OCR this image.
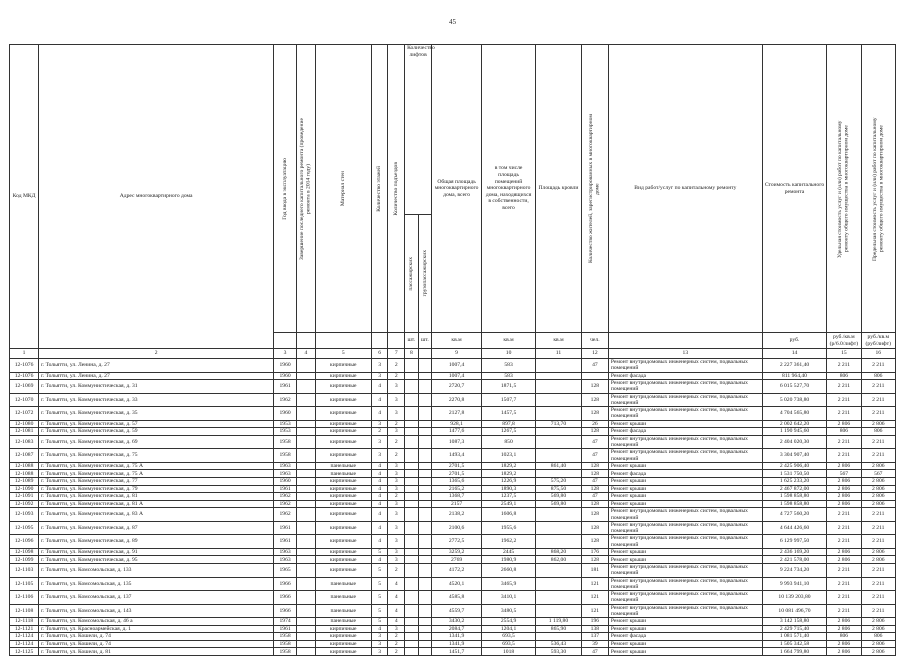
45
Код МКД	Адрес многоквартирного дома	Год ввода в эксплуатацию	Завершение последнего капитального ремонта (проведение ремонта в 2014 году)	Материал стен	Количество этажей	Количество подъездов	Количество лифтов		Общая площадь многоквартирного дома, всего	в том числе площадь помещений многоквартирного дома, находящихся в собственности, всего	Площадь кровли	Количество жителей, зарегистрированных в многоквартирном доме	Вид работ/услуг по капитальному ремонту	Стоимость капитального ремонта	Удельная стоимость услуг и (или) работ по капитальному ремонту общего имущества в многоквартирном доме	Предельная стоимость услуг и (или) работ по капитальному ремонту общего имущества в многоквартирном доме

							пассажирских	грузопассажирских								

							шт.	шт.	кв.м	кв.м	кв.м	чел.		руб.	руб./кв.м (р/6.0/лифт)	руб./кв.м (руб/лифт)

1	2	3	4	5	6	7	8		9	10	11	12	13	14	15	16
12-1076	г. Тольятти, ул. Ленина, д. 27	1960		кирпичные	3	2			1007,4	583		47	Ремонт внутридомовых инженерных систем, подвальных помещений	2 227 361,40	2 211	2 211
12-1076	г. Тольятти, ул. Ленина, д. 27	1960		кирпичные	3	2			1007,4	583			Ремонт фасада	811 964,40	806	806
12-1069	г. Тольятти, ул. Коммунистическая, д. 31	1961		кирпичные	4	3			2720,7	1871,5		128	Ремонт внутридомовых инженерных систем, подвальных помещений	6 015 527,70	2 211	2 211
12-1070	г. Тольятти, ул. Коммунистическая, д. 33	1962		кирпичные	4	3			2270,8	1507,7		128	Ремонт внутридомовых инженерных систем, подвальных помещений	5 020 738,80	2 211	2 211
12-1072	г. Тольятти, ул. Коммунистическая, д. 35	1960		кирпичные	4	3			2127,8	1457,5		128	Ремонт внутридомовых инженерных систем, подвальных помещений	4 704 565,80	2 211	2 211
12-1080	г. Тольятти, ул. Коммунистическая, д. 57	1953		кирпичные	3	2			928,1	897,8	713,70	26	Ремонт крыши	2 002 642,20	2 806	2 806
12-1081	г. Тольятти, ул. Коммунистическая, д. 59	1953		кирпичные	2	3			1477,6	1267,5		128	Ремонт фасада	1 190 945,60	806	806
12-1083	г. Тольятти, ул. Коммунистическая, д. 69	1958		кирпичные	3	2			1087,3	850		47	Ремонт внутридомовых инженерных систем, подвальных помещений	2 404 020,30	2 211	2 211
12-1087	г. Тольятти, ул. Коммунистическая, д. 75	1958		кирпичные	3	2			1493,4	1023,1		47	Ремонт внутридомовых инженерных систем, подвальных помещений	3 304 907,40	2 211	2 211
12-1088	г. Тольятти, ул. Коммунистическая, д. 75 А	1963		панельные	4	3			2701,5	1829,2	861,40	128	Ремонт крыши	2 425 906,40	2 806	2 806
12-1088	г. Тольятти, ул. Коммунистическая, д. 75 А	1963		панельные	4	3			2701,5	1829,2		128	Ремонт фасада	1 531 750,50	567	567
12-1089	г. Тольятти, ул. Коммунистическая, д. 77	1960		кирпичные	4	3			1365,6	1226,9	575,20	47	Ремонт крыши	1 625 233,20	2 806	2 806
12-1090	г. Тольятти, ул. Коммунистическая, д. 79	1961		кирпичные	4	3			2165,2	1890,3	875,50	128	Ремонт крыши	2 467 872,00	2 806	2 806
12-1091	г. Тольятти, ул. Коммунистическая, д. 81	1962		кирпичные	4	2			1368,7	1237,5	569,80	47	Ремонт крыши	1 598 858,80	2 806	2 806
12-1092	г. Тольятти, ул. Коммунистическая, д. 81 А	1962		кирпичные	4	3			2157	2549,1	569,80	128	Ремонт крыши	1 598 858,80	2 806	2 806
12-1093	г. Тольятти, ул. Коммунистическая, д. 83 А	1962		кирпичные	4	3			2138,2	1606,8		128	Ремонт внутридомовых инженерных систем, подвальных помещений	4 727 560,20	2 211	2 211
12-1095	г. Тольятти, ул. Коммунистическая, д. 87	1961		кирпичные	4	3			2100,6	1955,6		128	Ремонт внутридомовых инженерных систем, подвальных помещений	4 644 426,60	2 211	2 211
12-1096	г. Тольятти, ул. Коммунистическая, д. 89	1961		кирпичные	4	3			2772,5	1962,2		128	Ремонт внутридомовых инженерных систем, подвальных помещений	6 129 997,50	2 211	2 211
12-1098	г. Тольятти, ул. Коммунистическая, д. 91	1963		кирпичные	5	3			3259,2	2445	868,20	176	Ремонт крыши	2 436 169,20	2 806	2 806
12-1099	г. Тольятти, ул. Коммунистическая, д. 95	1963		кирпичные	4	3			2769	1980,9	862,00	128	Ремонт крыши	2 421 578,00	2 806	2 806
12-1103	г. Тольятти, ул. Комсомольская, д. 133	1965		кирпичные	5	2			4172,2	2660,8		181	Ремонт внутридомовых инженерных систем, подвальных помещений	9 224 734,20	2 211	2 211
12-1105	г. Тольятти, ул. Комсомольская, д. 135	1966		панельные	5	4			4520,1	3465,9		121	Ремонт внутридомовых инженерных систем, подвальных помещений	9 993 941,10	2 211	2 211
12-1106	г. Тольятти, ул. Комсомольская, д. 137	1966		панельные	5	4			4585,8	3410,1		121	Ремонт внутридомовых инженерных систем, подвальных помещений	10 139 203,80	2 211	2 211
12-1108	г. Тольятти, ул. Комсомольская, д. 143	1966		панельные	5	4			4559,7	3480,5		121	Ремонт внутридомовых инженерных систем, подвальных помещений	10 081 496,70	2 211	2 211
12-1118	г. Тольятти, ул. Комсомольская, д. 46 а	1974		панельные	5	4			3430,2	2554,9	1 119,80	196	Ремонт крыши	3 142 158,80	2 806	2 806
12-1121	г. Тольятти, ул. Красноармейская, д. 1	1961		кирпичные	4	3			2084,7	1204,1	865,90	138	Ремонт крыши	2 429 715,40	2 806	2 806
12-1124	г. Тольятти, ул. Кошели, д. 74	1958		кирпичные	3	2			1341,9	693,5		137	Ремонт фасада	1 081 571,40	806	806
12-1124	г. Тольятти, ул. Кошели, д. 74	1958		кирпичные	3	2			1341,9	693,5	536,43	39	Ремонт крыши	1 505 342,58	2 806	2 806
12-1125	г. Тольятти, ул. Кошели, д. 81	1958		кирпичные	3	2			1451,7	1018	593,30	47	Ремонт крыши	1 664 799,80	2 806	2 806
